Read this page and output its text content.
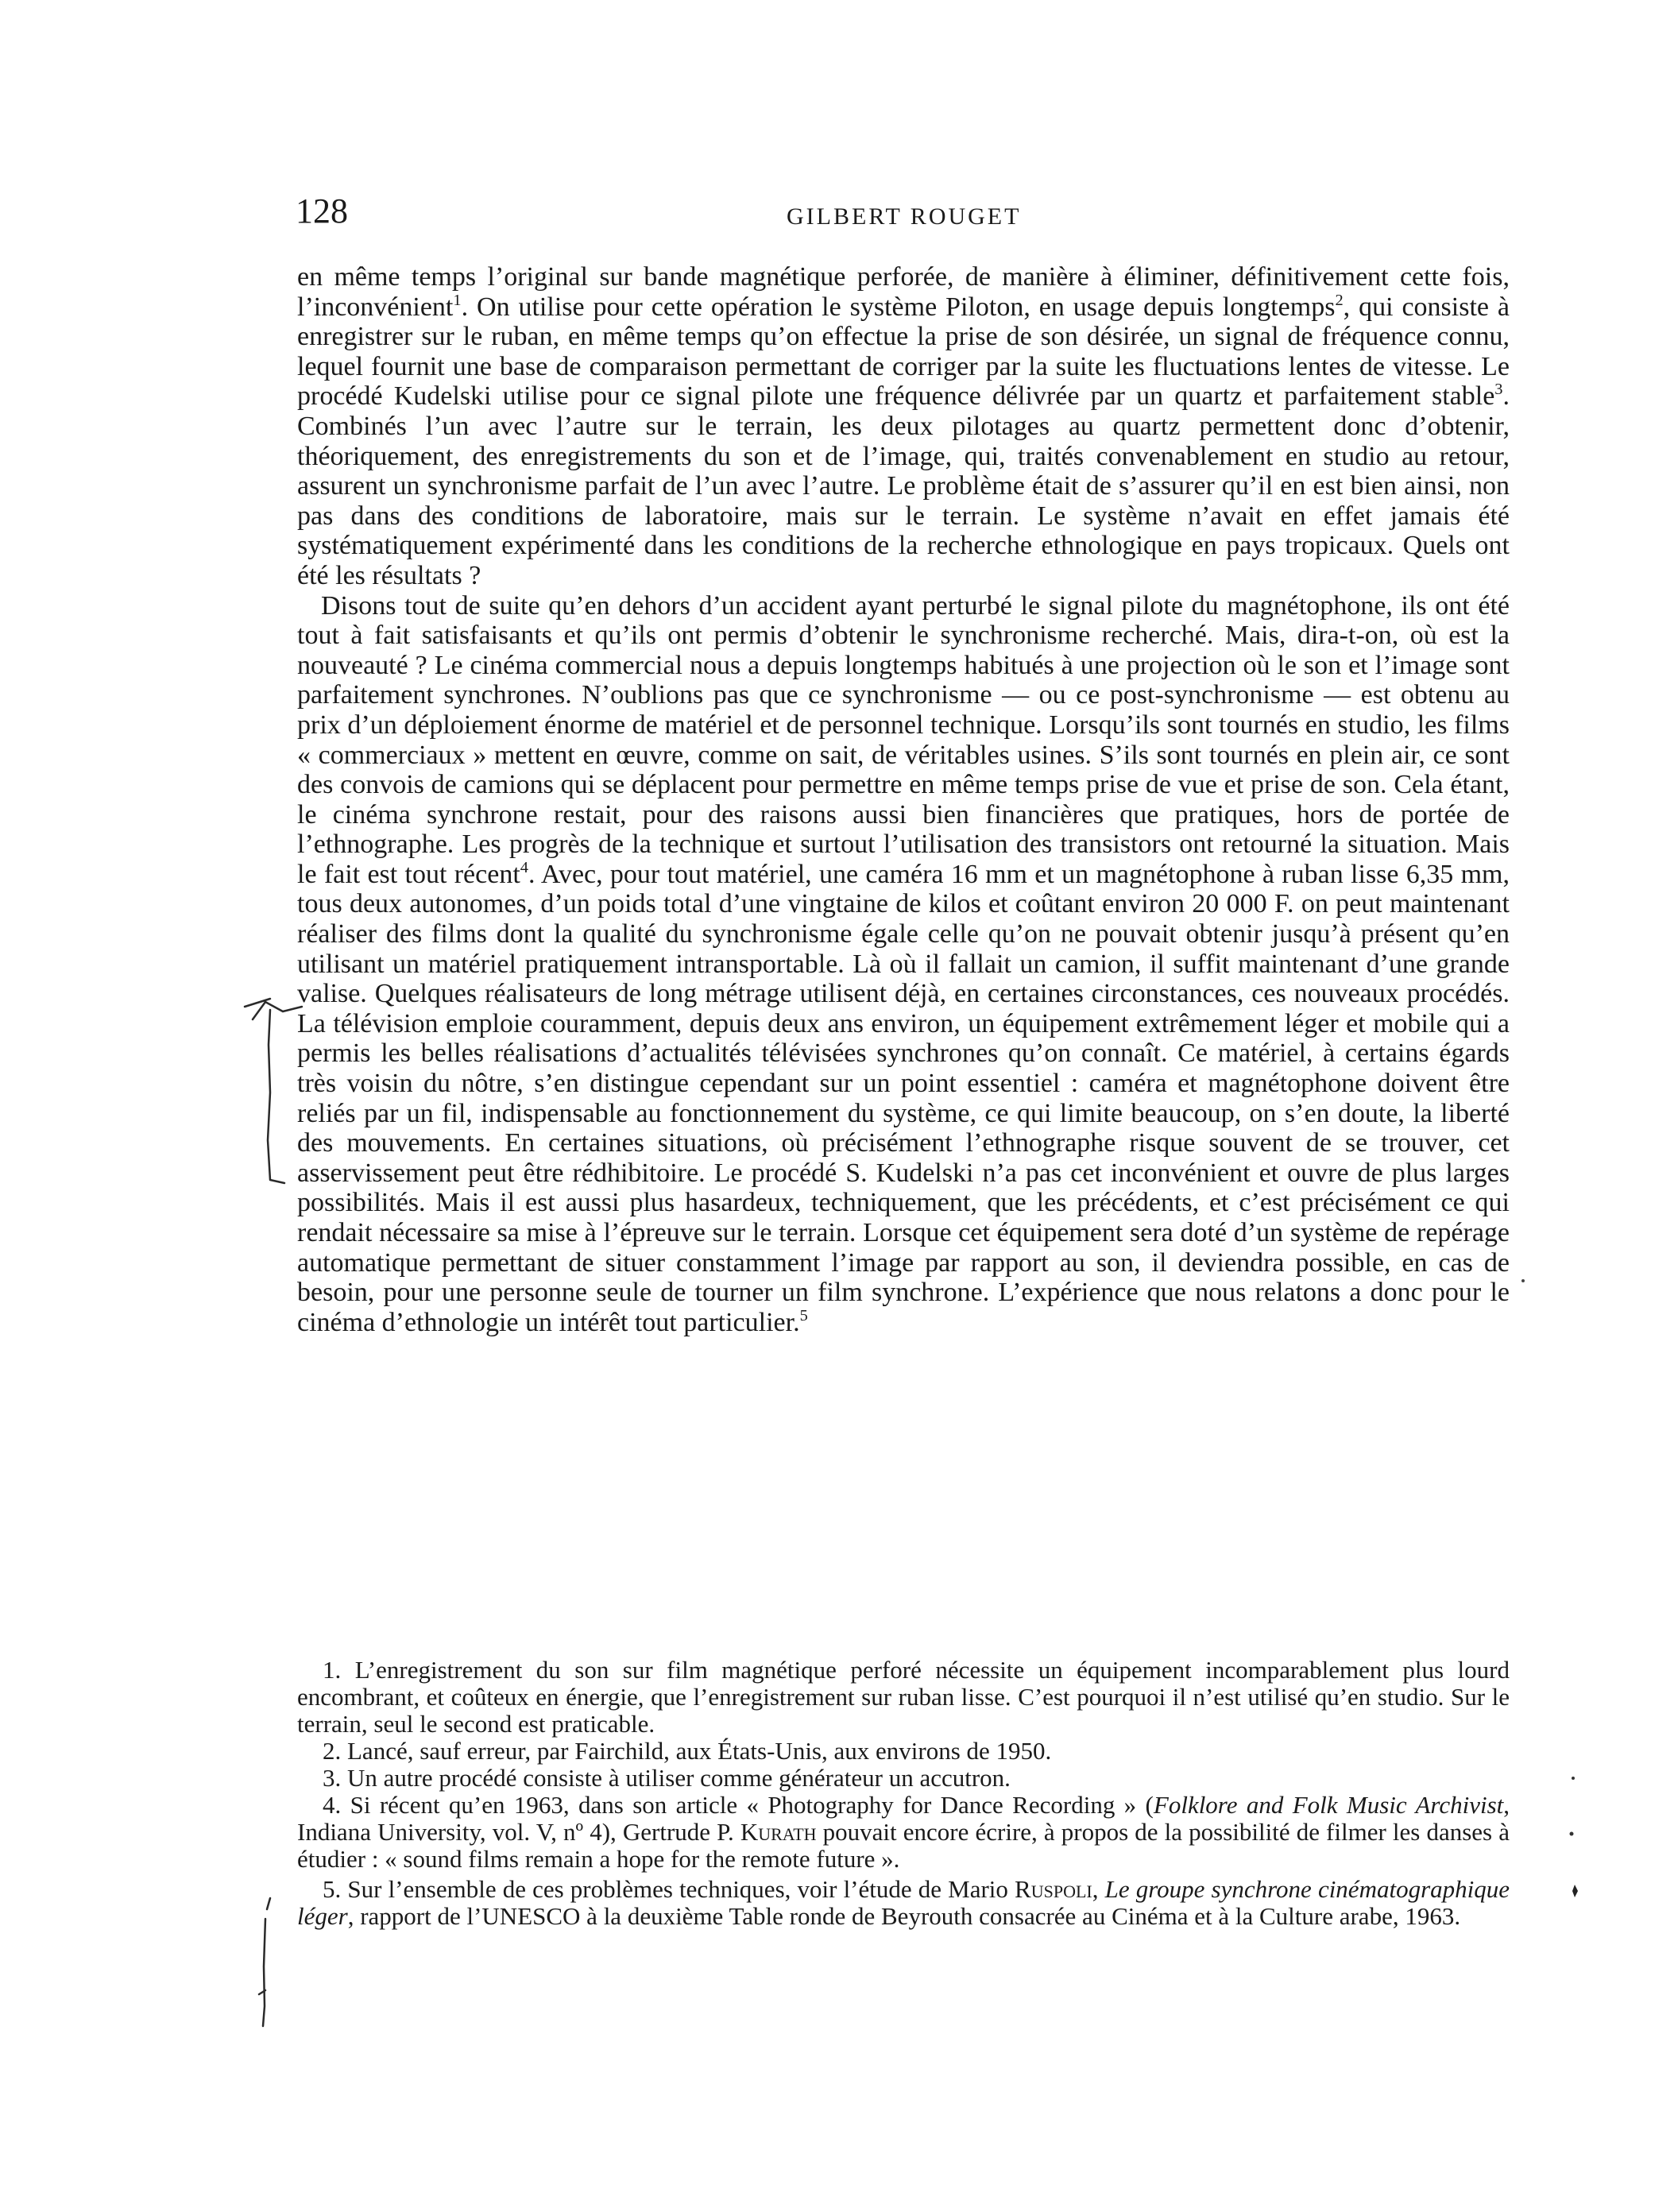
128	GILBERT ROUGET

en même temps l’original sur bande magnétique perforée, de manière à éliminer, définitivement cette fois, l’inconvénient$^1$. On utilise pour cette opération le système Piloton, en usage depuis longtemps$^2$, qui consiste à enregistrer sur le ruban, en même temps qu’on effectue la prise de son désirée, un signal de fréquence connu, lequel fournit une base de comparaison permettant de corriger par la suite les fluctuations lentes de vitesse. Le procédé Kudelski utilise pour ce signal pilote une fréquence délivrée par un quartz et parfaitement stable$^3$. Combinés l’un avec l’autre sur le terrain, les deux pilotages au quartz permettent donc d’obtenir, théoriquement, des enregistrements du son et de l’image, qui, traités convenablement en studio au retour, assurent un synchronisme parfait de l’un avec l’autre. Le problème était de s’assurer qu’il en est bien ainsi, non pas dans des conditions de laboratoire, mais sur le terrain. Le système n’avait en effet jamais été systématiquement expérimenté dans les conditions de la recherche ethnologique en pays tropicaux. Quels ont été les résultats ?

Disons tout de suite qu’en dehors d’un accident ayant perturbé le signal pilote du magnétophone, ils ont été tout à fait satisfaisants et qu’ils ont permis d’obtenir le synchronisme recherché. Mais, dira-t-on, où est la nouveauté ? Le cinéma commercial nous a depuis longtemps habitués à une projection où le son et l’image sont parfaitement synchrones. N’oublions pas que ce synchronisme — ou ce post-synchronisme — est obtenu au prix d’un déploiement énorme de matériel et de personnel technique. Lorsqu’ils sont tournés en studio, les films « commerciaux » mettent en œuvre, comme on sait, de véritables usines. S’ils sont tournés en plein air, ce sont des convois de camions qui se déplacent pour permettre en même temps prise de vue et prise de son. Cela étant, le cinéma synchrone restait, pour des raisons aussi bien financières que pratiques, hors de portée de l’ethnographe. Les progrès de la technique et surtout l’utilisation des transistors ont retourné la situation. Mais le fait est tout récent$^4$. Avec, pour tout matériel, une caméra 16 mm et un magnétophone à ruban lisse 6,35 mm, tous deux autonomes, d’un poids total d’une vingtaine de kilos et coûtant environ 20 000 F. on peut maintenant réaliser des films dont la qualité du synchronisme égale celle qu’on ne pouvait obtenir jusqu’à présent qu’en utilisant un matériel pratiquement intransportable. Là où il fallait un camion, il suffit maintenant d’une grande valise. Quelques réalisateurs de long métrage utilisent déjà, en certaines circonstances, ces nouveaux procédés. La télévision emploie couramment, depuis deux ans environ, un équipement extrêmement léger et mobile qui a permis les belles réalisations d’actualités télévisées synchrones qu’on connaît. Ce matériel, à certains égards très voisin du nôtre, s’en distingue cependant sur un point essentiel : caméra et magnétophone doivent être reliés par un fil, indispensable au fonctionnement du système, ce qui limite beaucoup, on s’en doute, la liberté des mouvements. En certaines situations, où précisément l’ethnographe risque souvent de se trouver, cet asservissement peut être rédhibitoire. Le procédé S. Kudelski n’a pas cet inconvénient et ouvre de plus larges possibilités. Mais il est aussi plus hasardeux, techniquement, que les précédents, et c’est précisément ce qui rendait nécessaire sa mise à l’épreuve sur le terrain. Lorsque cet équipement sera doté d’un système de repérage automatique permettant de situer constamment l’image par rapport au son, il deviendra possible, en cas de besoin, pour une personne seule de tourner un film synchrone. L’expérience que nous relatons a donc pour le cinéma d’ethnologie un intérêt tout particulier.$^5$

1. L’enregistrement du son sur film magnétique perforé nécessite un équipement incomparablement plus lourd encombrant, et coûteux en énergie, que l’enregistrement sur ruban lisse. C’est pourquoi il n’est utilisé qu’en studio. Sur le terrain, seul le second est praticable.

2. Lancé, sauf erreur, par Fairchild, aux États-Unis, aux environs de 1950.

3. Un autre procédé consiste à utiliser comme générateur un accutron.

4. Si récent qu’en 1963, dans son article « Photography for Dance Recording » (Folklore and Folk Music Archivist, Indiana University, vol. V, nº 4), Gertrude P. Kurath pouvait encore écrire, à propos de la possibilité de filmer les danses à étudier : « sound films remain a hope for the remote future ».

5. Sur l’ensemble de ces problèmes techniques, voir l’étude de Mario Ruspoli, Le groupe synchrone cinématographique léger, rapport de l’UNESCO à la deuxième Table ronde de Beyrouth consacrée au Cinéma et à la Culture arabe, 1963.
